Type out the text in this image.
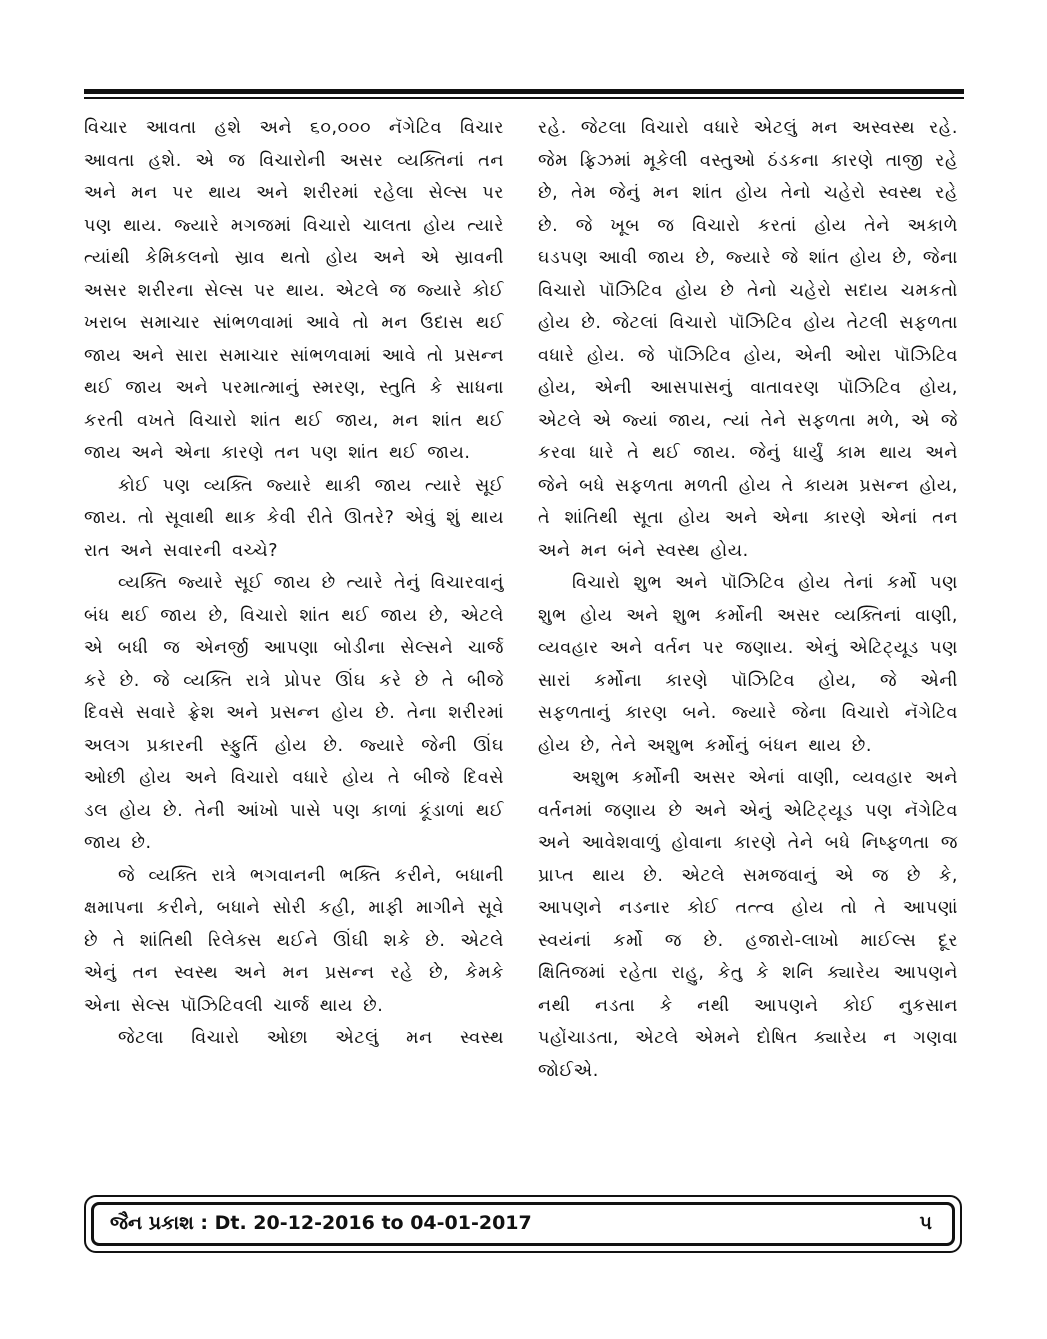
વિચાર આવતા હશે અને ૬૦,૦૦૦ નૅગેટિવ વિચાર આવતા હશે. એ જ વિચારોની અસર વ્યક્તિનાં તન અને મન પર થાય અને શરીરમાં રહેલા સેલ્સ પર પણ થાય. જ્યારે મગજમાં વિચારો ચાલતા હોય ત્યારે ત્યાંથી કેમિકલનો સ્રાવ થતો હોય અને એ સ્રાવની અસર શરીરના સેલ્સ પર થાય. એટલે જ જ્યારે કોઈ ખરાબ સમાચાર સાંભળવામાં આવે તો મન ઉદાસ થઈ જાય અને સારા સમાચાર સાંભળવામાં આવે તો પ્રસન્ન થઈ જાય અને પરમાત્માનું સ્મરણ, સ્તુતિ કે સાધના કરતી વખતે વિચારો શાંત થઈ જાય, મન શાંત થઈ જાય અને એના કારણે તન પણ શાંત થઈ જાય.

કોઈ પણ વ્યક્તિ જ્યારે થાકી જાય ત્યારે સૂઈ જાય. તો સૂવાથી થાક કેવી રીતે ઊતરે? એવું શું થાય રાત અને સવારની વચ્ચે?

વ્યક્તિ જ્યારે સૂઈ જાય છે ત્યારે તેનું વિચારવાનું બંધ થઈ જાય છે, વિચારો શાંત થઈ જાય છે, એટલે એ બધી જ એનર્જી આપણા બોડીના સેલ્સને ચાર્જ કરે છે. જે વ્યક્તિ રાત્રે પ્રોપર ઊંઘ કરે છે તે બીજે દિવસે સવારે ફ્રેશ અને પ્રસન્ન હોય છે. તેના શરીરમાં અલગ પ્રકારની સ્ફુર્તિ હોય છે. જ્યારે જેની ઊંઘ ઓછી હોય અને વિચારો વધારે હોય તે બીજે દિવસે ડલ હોય છે. તેની આંખો પાસે પણ કાળાં કૂંડાળાં થઈ જાય છે.

જે વ્યક્તિ રાત્રે ભગવાનની ભક્તિ કરીને, બધાની ક્ષમાપના કરીને, બધાને સોરી કહી, માફી માગીને સૂવે છે તે શાંતિથી રિલેક્સ થઈને ઊંઘી શકે છે. એટલે એનું તન સ્વસ્થ અને મન પ્રસન્ન રહે છે, કેમકે એના સેલ્સ પૉઝિટિવલી ચાર્જ થાય છે.

જેટલા વિચારો ઓછા એટલું મન સ્વસ્થ

રહે. જેટલા વિચારો વધારે એટલું મન અસ્વસ્થ રહે. જેમ ફ્રિઝમાં મૂકેલી વસ્તુઓ ઠંડકના કારણે તાજી રહે છે, તેમ જેનું મન શાંત હોય તેનો ચહેરો સ્વસ્થ રહે છે. જે ખૂબ જ વિચારો કરતાં હોય તેને અકાળે ઘડપણ આવી જાય છે, જ્યારે જે શાંત હોય છે, જેના વિચારો પૉઝિટિવ હોય છે તેનો ચહેરો સદાય ચમકતો હોય છે. જેટલાં વિચારો પૉઝિટિવ હોય તેટલી સફળતા વધારે હોય. જે પૉઝિટિવ હોય, એની ઓરા પૉઝિટિવ હોય, એની આસપાસનું વાતાવરણ પૉઝિટિવ હોય, એટલે એ જ્યાં જાય, ત્યાં તેને સફળતા મળે, એ જે કરવા ધારે તે થઈ જાય. જેનું ધાર્યું કામ થાય અને જેને બધે સફળતા મળતી હોય તે કાયમ પ્રસન્ન હોય, તે શાંતિથી સૂતા હોય અને એના કારણે એનાં તન અને મન બંને સ્વસ્થ હોય.

વિચારો શુભ અને પૉઝિટિવ હોય તેનાં કર્મો પણ શુભ હોય અને શુભ કર્મોની અસર વ્યક્તિનાં વાણી, વ્યવહાર અને વર્તન પર જણાય. એનું એટિટ્યૂડ પણ સારાં કર્મોના કારણે પૉઝિટિવ હોય, જે એની સફળતાનું કારણ બને. જ્યારે જેના વિચારો નૅગેટિવ હોય છે, તેને અશુભ કર્મોનું બંધન થાય છે.

અશુભ કર્મોની અસર એનાં વાણી, વ્યવહાર અને વર્તનમાં જણાય છે અને એનું એટિટ્યૂડ પણ નૅગેટિવ અને આવેશવાળું હોવાના કારણે તેને બધે નિષ્ફળતા જ પ્રાપ્ત થાય છે. એટલે સમજવાનું એ જ છે કે, આપણને નડનાર કોઈ તત્ત્વ હોય તો તે આપણાં સ્વયંનાં કર્મો જ છે. હજારો-લાખો માઈલ્સ દૂર ક્ષિતિજમાં રહેતા રાહુ, કેતુ કે શનિ ક્યારેય આપણને નથી નડતા કે નથી આપણને કોઈ નુકસાન પહોંચાડતા, એટલે એમને દોષિત ક્યારેય ન ગણવા જોઈએ.

જૈન પ્રકાશ : Dt. 20-12-2016 to 04-01-2017	૫
